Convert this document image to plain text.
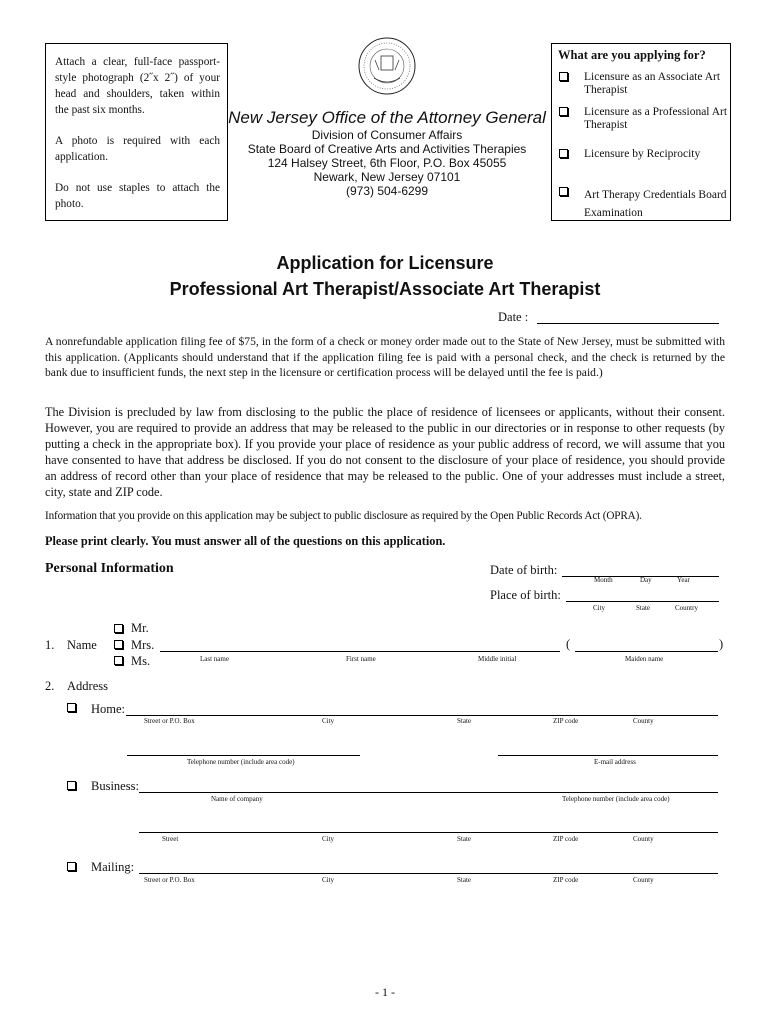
Attach a clear, full-face passport-style photograph (2˝x 2˝) of your head and shoulders, taken within the past six months.

A photo is required with each application.

Do not use staples to attach the photo.

New Jersey Office of the Attorney General
Division of Consumer Affairs
State Board of Creative Arts and Activities Therapies
124 Halsey Street, 6th Floor, P.O. Box 45055
Newark, New Jersey 07101
(973) 504-6299
What are you applying for?
Licensure as an Associate Art Therapist
Licensure as a Professional Art Therapist
Licensure by Reciprocity
Art Therapy Credentials Board Examination
Application for Licensure
Professional Art Therapist/Associate Art Therapist
Date :
A nonrefundable application filing fee of $75, in the form of a check or money order made out to the State of New Jersey, must be submitted with this application. (Applicants should understand that if the application filing fee is paid with a personal check, and the check is returned by the bank due to insufficient funds, the next step in the licensure or certification process will be delayed until the fee is paid.)
The Division is precluded by law from disclosing to the public the place of residence of licensees or applicants, without their consent. However, you are required to provide an address that may be released to the public in our directories or in response to other requests (by putting a check in the appropriate box). If you provide your place of residence as your public address of record, we will assume that you have consented to have that address be disclosed. If you do not consent to the disclosure of your place of residence, you should provide an address of record other than your place of residence that may be released to the public. One of your addresses must include a street, city, state and ZIP code.
Information that you provide on this application may be subject to public disclosure as required by the Open Public Records Act (OPRA).
Please print clearly. You must answer all of the questions on this application.
Personal Information	Date of birth:
Month	Day	Year
Place of birth:
City	State	Country
1. Name
Mr.
Mrs.
Ms.
(	)
Last name	First name	Middle initial	Maiden name
2. Address
Home:
Street or P.O. Box	City	State	ZIP code	County
Telephone number (include area code)	E-mail address
Business:
Name of company	Telephone number (include area code)
Street	City	State	ZIP code	County
Mailing:
Street or P.O. Box	City	State	ZIP code	County
- 1 -
